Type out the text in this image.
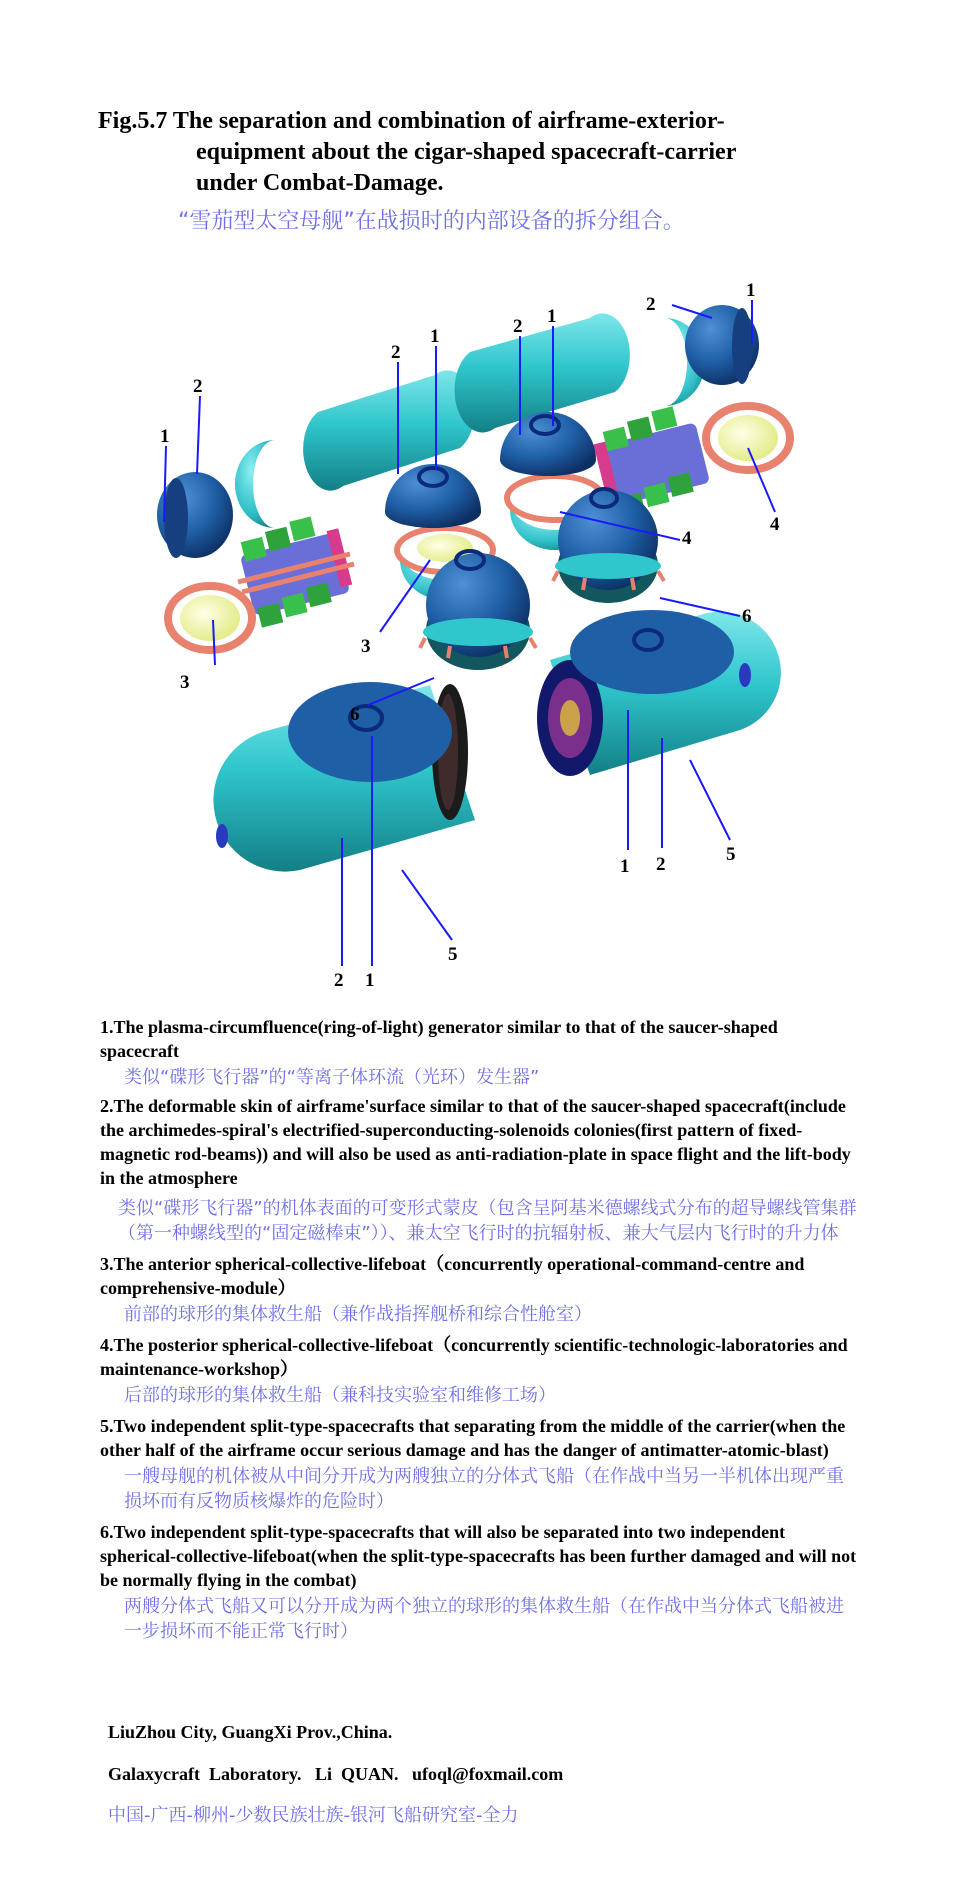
Fig.5.7 The separation and combination of airframe-exterior-
equipment about the cigar-shaped spacecraft-carrier
under Combat-Damage.
“雪茄型太空母舰”在战损时的内部设备的拆分组合。
1
2
2
1	2 1
2
1
3
3
4
4
6
6
5
1 2
5
2 1
1.The plasma-circumfluence(ring-of-light) generator similar to that of the saucer-shaped spacecraft
类似“碟形飞行器”的“等离子体环流（光环）发生器”
2.The deformable skin of airframe'surface similar to that of the saucer-shaped spacecraft(include the archimedes-spiral's electrified-superconducting-solenoids colonies(first pattern of fixed-magnetic rod-beams)) and will also be used as anti-radiation-plate in space flight and the lift-body in the atmosphere
类似“碟形飞行器”的机体表面的可变形式蒙皮（包含呈阿基米德螺线式分布的超导螺线管集群（第一种螺线型的“固定磁棒束”））、兼太空飞行时的抗辐射板、兼大气层内飞行时的升力体
3.The anterior spherical-collective-lifeboat（concurrently operational-command-centre and comprehensive-module）
前部的球形的集体救生船（兼作战指挥舰桥和综合性舱室）
4.The posterior spherical-collective-lifeboat（concurrently scientific-technologic-laboratories and maintenance-workshop）
后部的球形的集体救生船（兼科技实验室和维修工场）
5.Two independent split-type-spacecrafts that separating from the middle of the carrier(when the other half of the airframe occur serious damage and has the danger of antimatter-atomic-blast)
一艘母舰的机体被从中间分开成为两艘独立的分体式飞船（在作战中当另一半机体出现严重损坏而有反物质核爆炸的危险时）
6.Two independent split-type-spacecrafts that will also be separated into two independent spherical-collective-lifeboat(when the split-type-spacecrafts has been further damaged and will not be normally flying in the combat)
两艘分体式飞船又可以分开成为两个独立的球形的集体救生船（在作战中当分体式飞船被进一步损坏而不能正常飞行时）
LiuZhou City, GuangXi Prov.,China.
Galaxycraft  Laboratory.   Li  QUAN.   ufoql@foxmail.com
中国-广西-柳州-少数民族壮族-银河飞船研究室-全力
